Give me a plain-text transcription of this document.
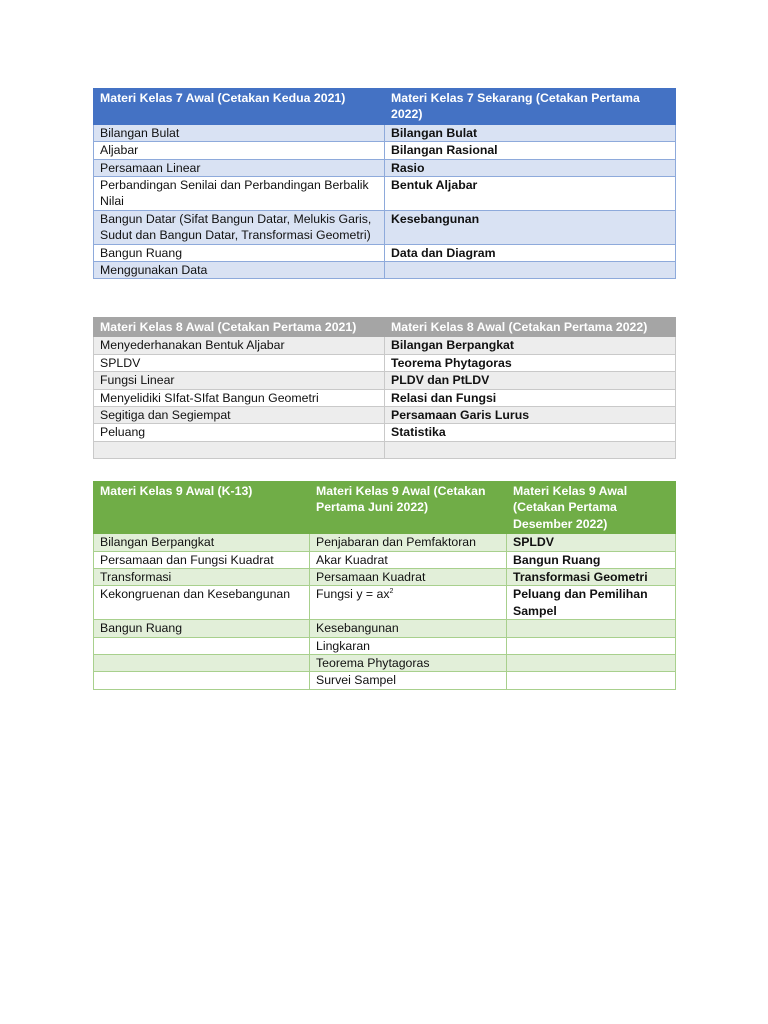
Materi Kelas 7 Awal (Cetakan Kedua 2021)	Materi Kelas 7 Sekarang (Cetakan Pertama 2022)
Bilangan Bulat	Bilangan Bulat
Aljabar	Bilangan Rasional
Persamaan Linear	Rasio
Perbandingan Senilai dan Perbandingan Berbalik Nilai	Bentuk Aljabar
Bangun Datar (Sifat Bangun Datar, Melukis Garis, Sudut dan Bangun Datar, Transformasi Geometri)	Kesebangunan
Bangun Ruang	Data dan Diagram
Menggunakan Data	
Materi Kelas 8 Awal (Cetakan Pertama 2021)	Materi Kelas 8 Awal (Cetakan Pertama 2022)
Menyederhanakan Bentuk Aljabar	Bilangan Berpangkat
SPLDV	Teorema Phytagoras
Fungsi Linear	PLDV dan PtLDV
Menyelidiki SIfat-SIfat Bangun Geometri	Relasi dan Fungsi
Segitiga dan Segiempat	Persamaan Garis Lurus
Peluang	Statistika

Materi Kelas 9 Awal (K-13)	Materi Kelas 9 Awal (Cetakan Pertama Juni 2022)	Materi Kelas 9 Awal (Cetakan Pertama Desember 2022)
Bilangan Berpangkat	Penjabaran dan Pemfaktoran	SPLDV
Persamaan dan Fungsi Kuadrat	Akar Kuadrat	Bangun Ruang
Transformasi	Persamaan Kuadrat	Transformasi Geometri
Kekongruenan dan Kesebangunan	Fungsi $y = ax^2$	Peluang dan Pemilihan Sampel
Bangun Ruang	Kesebangunan	
	Lingkaran	
	Teorema Phytagoras	
	Survei Sampel	
